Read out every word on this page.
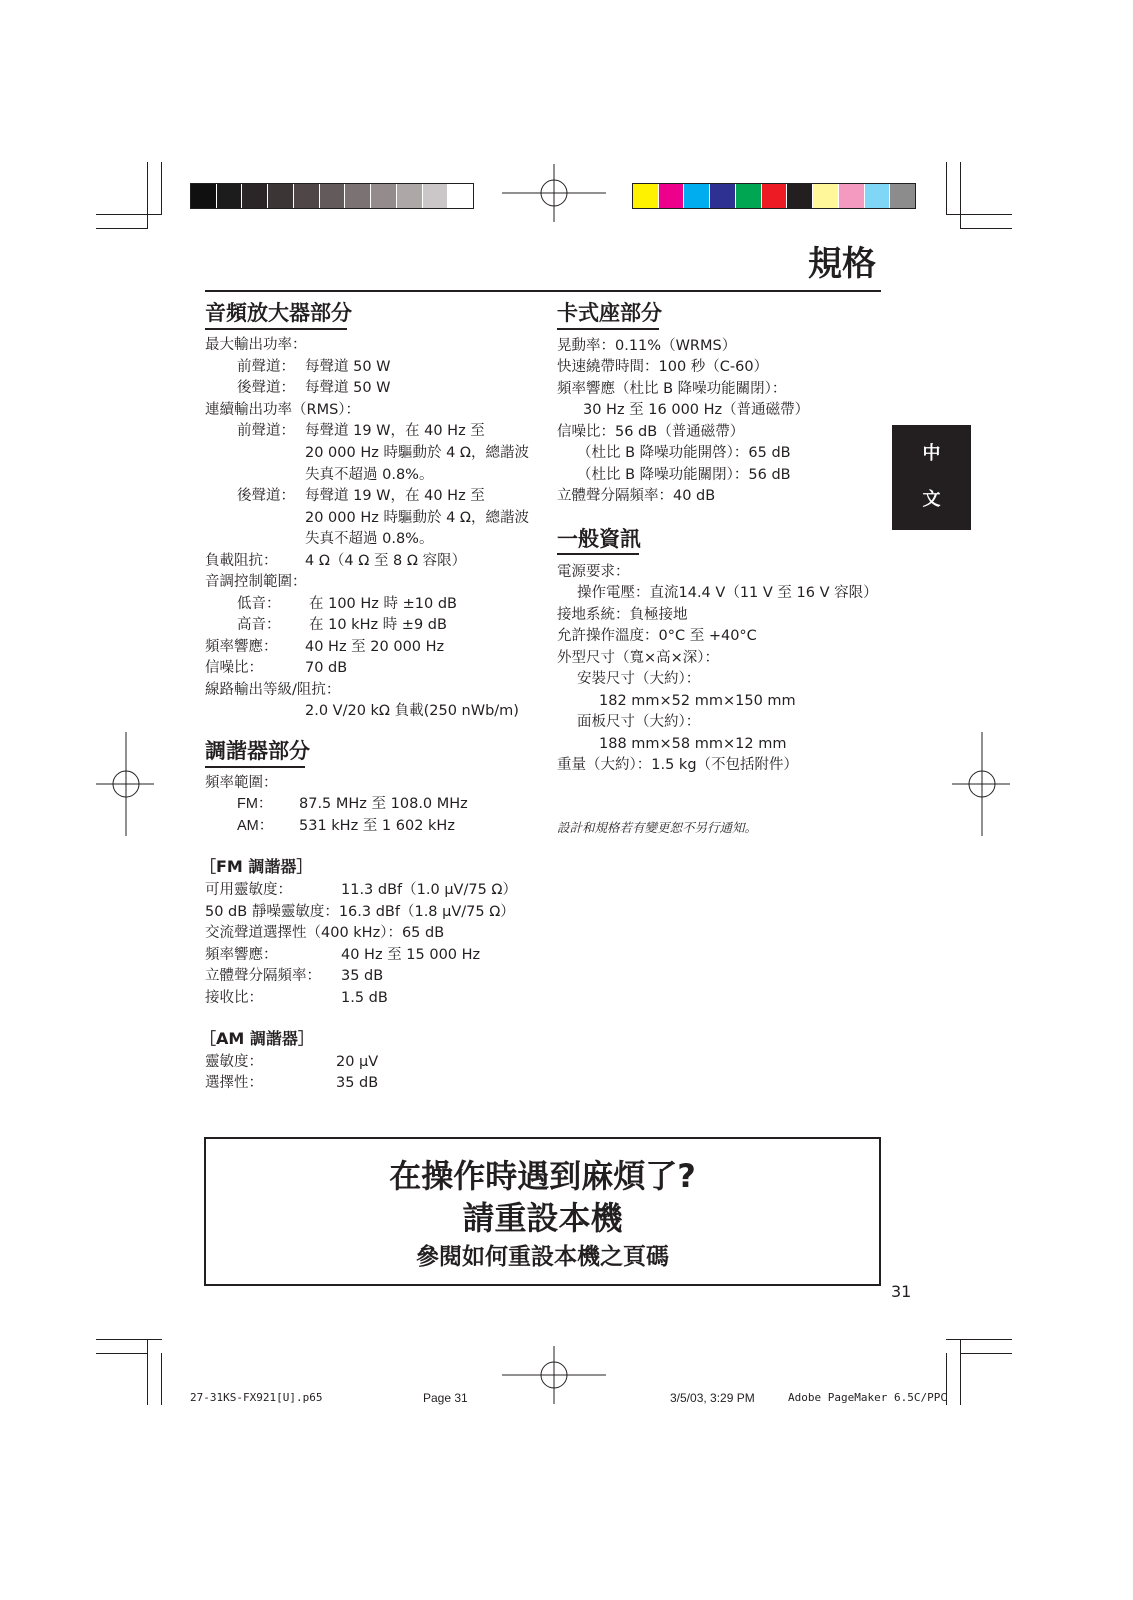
規格
中
文
音頻放大器部分
最大輸出功率：
前聲道： 每聲道 50 W
後聲道： 每聲道 50 W
連續輸出功率（RMS）：
前聲道： 每聲道 19 W，在 40 Hz 至
20 000 Hz 時驅動於 4 Ω，總諧波
失真不超過 0.8%。
後聲道： 每聲道 19 W，在 40 Hz 至
20 000 Hz 時驅動於 4 Ω，總諧波
失真不超過 0.8%。
負載阻抗： 4 Ω（4 Ω 至 8 Ω 容限）
音調控制範圍：
低音： 在 100 Hz 時 ±10 dB
高音： 在 10 kHz 時 ±9 dB
頻率響應： 40 Hz 至 20 000 Hz
信噪比：	70 dB
線路輸出等級/阻抗：
2.0 V/20 kΩ 負載(250 nWb/m)
調諧器部分
頻率範圍：
FM： 87.5 MHz 至 108.0 MHz
AM： 531 kHz 至 1 602 kHz
［FM 調諧器］
可用靈敏度：	11.3 dBf（1.0 μV/75 Ω）
50 dB 靜噪靈敏度：16.3 dBf（1.8 μV/75 Ω）
交流聲道選擇性（400 kHz）：65 dB
頻率響應：	40 Hz 至 15 000 Hz
立體聲分隔頻率： 35 dB
接收比：	1.5 dB
［AM 調諧器］
靈敏度：	20 μV
選擇性：	35 dB
卡式座部分
晃動率：0.11%（WRMS）
快速繞帶時間：100 秒（C-60）
頻率響應（杜比 B 降噪功能關閉）：
30 Hz 至 16 000 Hz（普通磁帶）
信噪比：56 dB（普通磁帶）
（杜比 B 降噪功能開啓）：65 dB
（杜比 B 降噪功能關閉）：56 dB
立體聲分隔頻率：40 dB
一般資訊
電源要求：
操作電壓：直流14.4 V（11 V 至 16 V 容限）
接地系統：負極接地
允許操作溫度：0°C 至 +40°C
外型尺寸（寬×高×深）：
安裝尺寸（大約）：
182 mm×52 mm×150 mm
面板尺寸（大約）：
188 mm×58 mm×12 mm
重量（大約）：1.5 kg（不包括附件）
設計和規格若有變更恕不另行通知。
在操作時遇到麻煩了?
請重設本機
參閱如何重設本機之頁碼
31
27-31KS-FX921[U].p65	Page 31	3/5/03, 3:29 PM	Adobe PageMaker 6.5C/PPC
